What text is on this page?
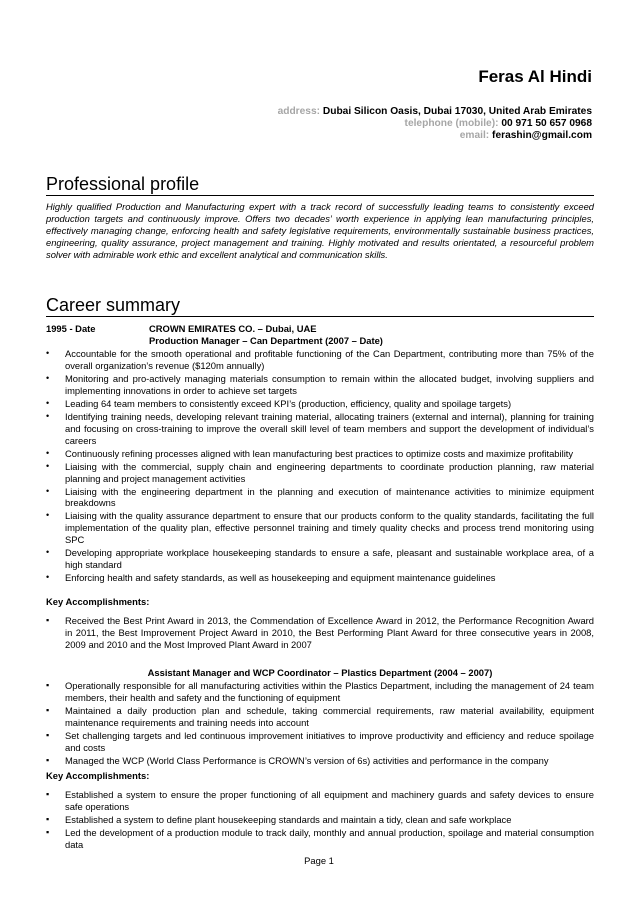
Feras Al Hindi
address: Dubai Silicon Oasis, Dubai 17030, United Arab Emirates
telephone (mobile): 00 971 50 657 0968
email: ferashin@gmail.com
Professional profile
Highly qualified Production and Manufacturing expert with a track record of successfully leading teams to consistently exceed production targets and continuously improve. Offers two decades’ worth experience in applying lean manufacturing principles, effectively managing change, enforcing health and safety legislative requirements, environmentally sustainable business practices, engineering, quality assurance, project management and training. Highly motivated and results orientated, a resourceful problem solver with admirable work ethic and excellent analytical and communication skills.
Career summary
1995 - Date	CROWN EMIRATES CO. – Dubai, UAE
Production Manager – Can Department (2007 – Date)
• Accountable for the smooth operational and profitable functioning of the Can Department, contributing more than 75% of the overall organization’s revenue ($120m annually)
• Monitoring and pro-actively managing materials consumption to remain within the allocated budget, involving suppliers and implementing innovations in order to achieve set targets
• Leading 64 team members to consistently exceed KPI’s (production, efficiency, quality and spoilage targets)
• Identifying training needs, developing relevant training material, allocating trainers (external and internal), planning for training and focusing on cross-training to improve the overall skill level of team members and support the development of individual’s careers
• Continuously refining processes aligned with lean manufacturing best practices to optimize costs and maximize profitability
• Liaising with the commercial, supply chain and engineering departments to coordinate production planning, raw material planning and project management activities
• Liaising with the engineering department in the planning and execution of maintenance activities to minimize equipment breakdowns
• Liaising with the quality assurance department to ensure that our products conform to the quality standards, facilitating the full implementation of the quality plan, effective personnel training and timely quality checks and process trend monitoring using SPC
• Developing appropriate workplace housekeeping standards to ensure a safe, pleasant and sustainable workplace area, of a high standard
• Enforcing health and safety standards, as well as housekeeping and equipment maintenance guidelines
Key Accomplishments:
▪ Received the Best Print Award in 2013, the Commendation of Excellence Award in 2012, the Performance Recognition Award in 2011, the Best Improvement Project Award in 2010, the Best Performing Plant Award for three consecutive years in 2008, 2009 and 2010 and the Most Improved Plant Award in 2007
Assistant Manager and WCP Coordinator – Plastics Department (2004 – 2007)
▪ Operationally responsible for all manufacturing activities within the Plastics Department, including the management of 24 team members, their health and safety and the functioning of equipment
▪ Maintained a daily production plan and schedule, taking commercial requirements, raw material availability, equipment maintenance requirements and training needs into account
▪ Set challenging targets and led continuous improvement initiatives to improve productivity and efficiency and reduce spoilage and costs
▪ Managed the WCP (World Class Performance is CROWN’s version of 6s) activities and performance in the company
Key Accomplishments:
▪ Established a system to ensure the proper functioning of all equipment and machinery guards and safety devices to ensure safe operations
▪ Established a system to define plant housekeeping standards and maintain a tidy, clean and safe workplace
▪ Led the development of a production module to track daily, monthly and annual production, spoilage and material consumption data
Page 1
